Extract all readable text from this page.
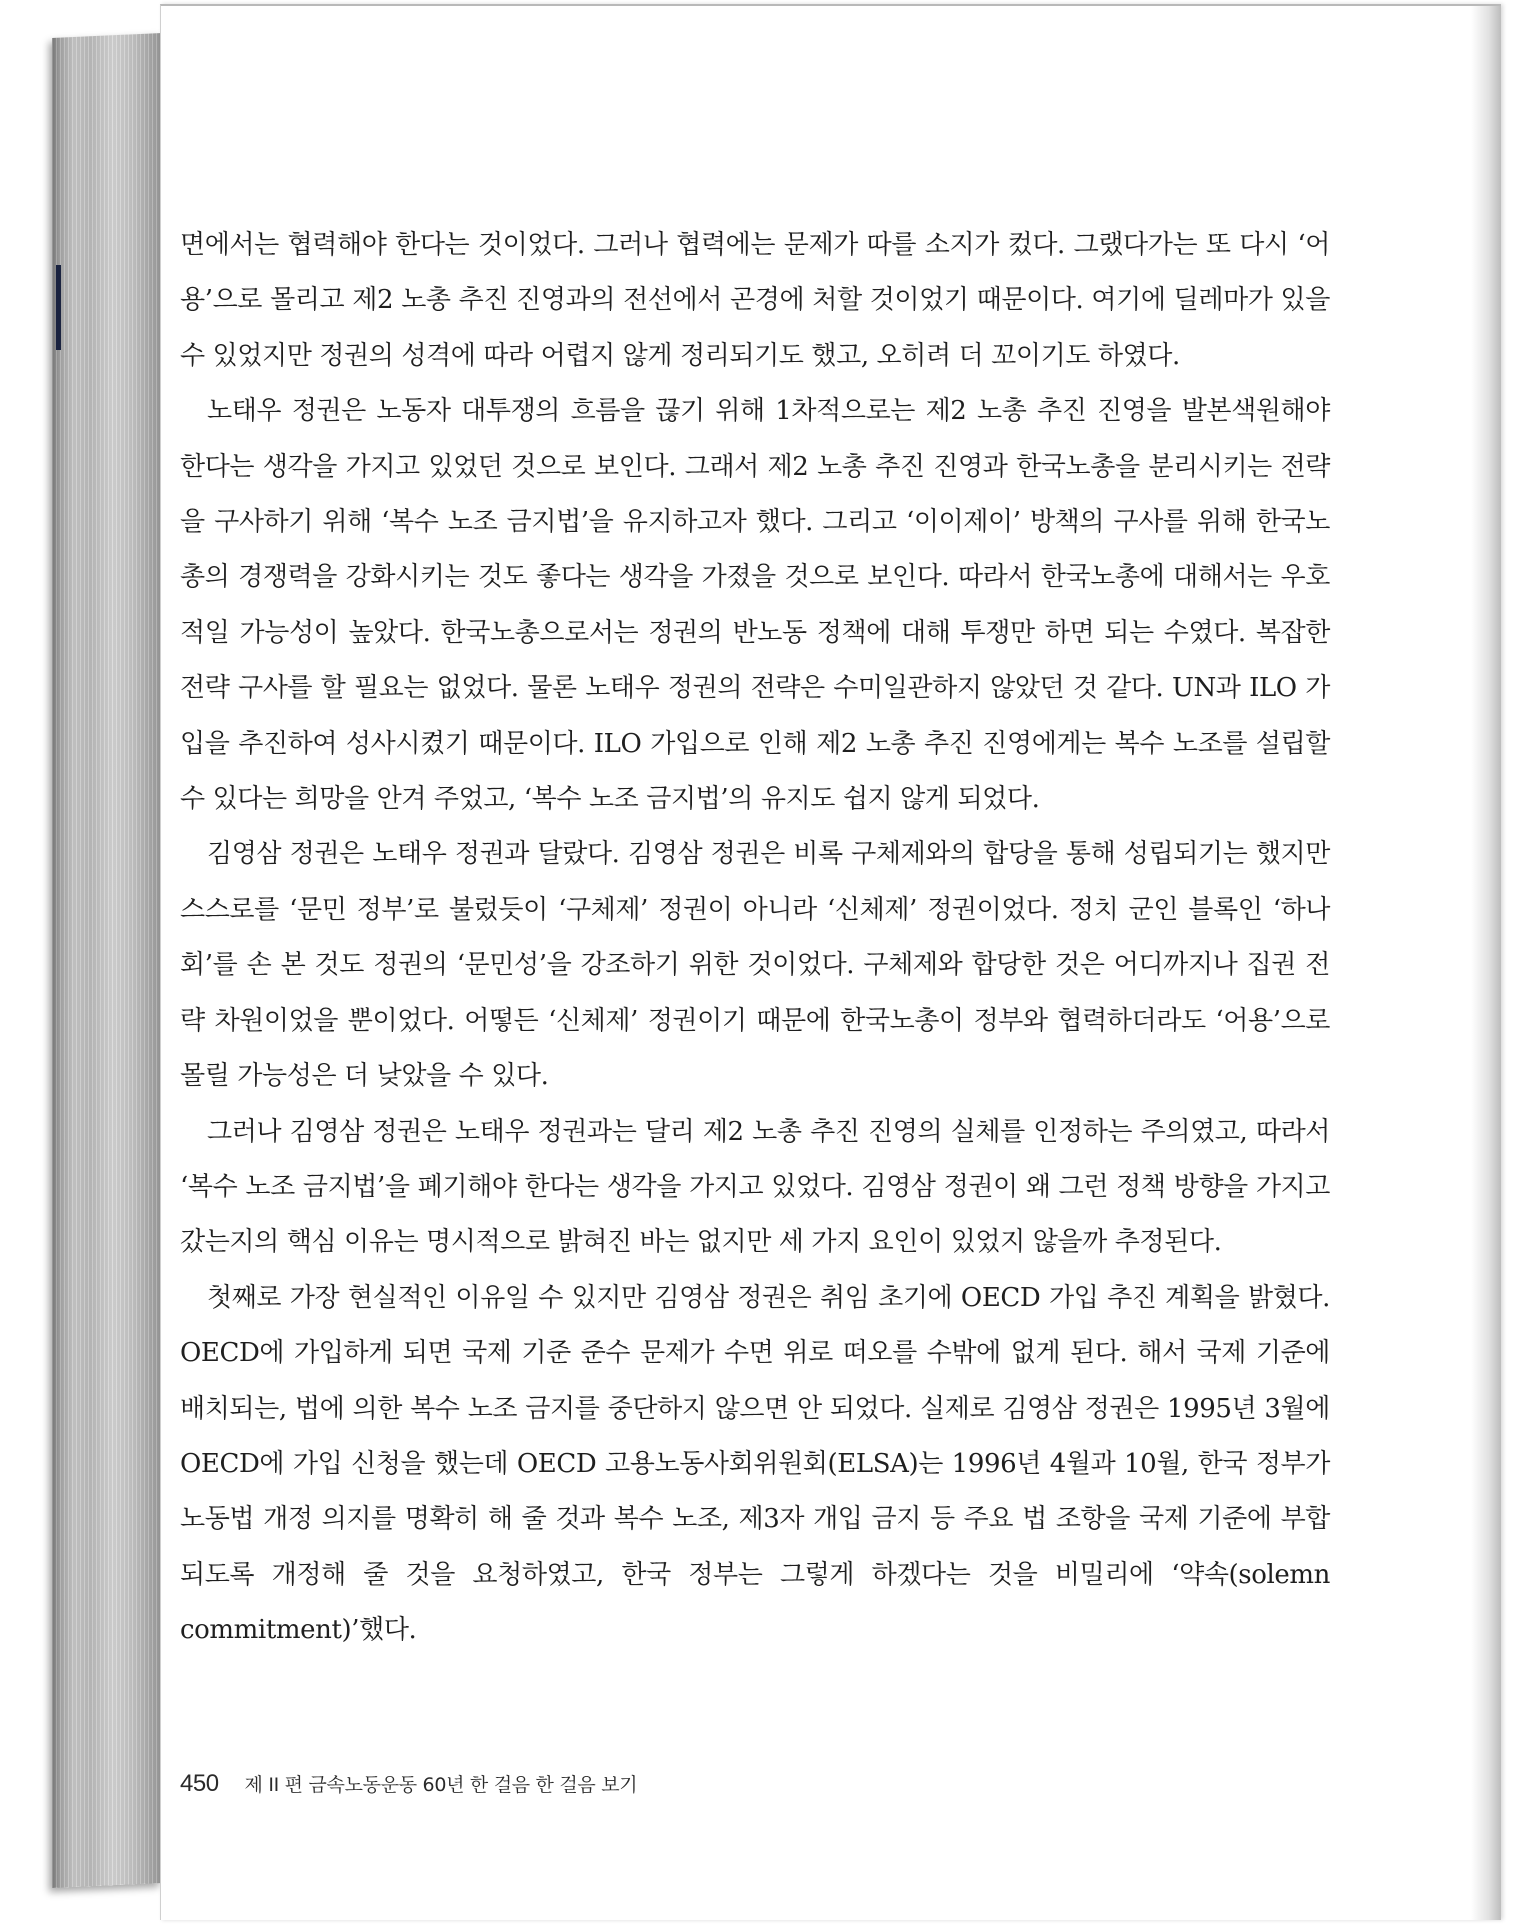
면에서는 협력해야 한다는 것이었다. 그러나 협력에는 문제가 따를 소지가 컸다. 그랬다가는 또 다시 ‘어용’으로 몰리고 제2 노총 추진 진영과의 전선에서 곤경에 처할 것이었기 때문이다. 여기에 딜레마가 있을 수 있었지만 정권의 성격에 따라 어렵지 않게 정리되기도 했고, 오히려 더 꼬이기도 하였다.

노태우 정권은 노동자 대투쟁의 흐름을 끊기 위해 1차적으로는 제2 노총 추진 진영을 발본색원해야 한다는 생각을 가지고 있었던 것으로 보인다. 그래서 제2 노총 추진 진영과 한국노총을 분리시키는 전략을 구사하기 위해 ‘복수 노조 금지법’을 유지하고자 했다. 그리고 ‘이이제이’ 방책의 구사를 위해 한국노총의 경쟁력을 강화시키는 것도 좋다는 생각을 가졌을 것으로 보인다. 따라서 한국노총에 대해서는 우호적일 가능성이 높았다. 한국노총으로서는 정권의 반노동 정책에 대해 투쟁만 하면 되는 수였다. 복잡한 전략 구사를 할 필요는 없었다. 물론 노태우 정권의 전략은 수미일관하지 않았던 것 같다. UN과 ILO 가입을 추진하여 성사시켰기 때문이다. ILO 가입으로 인해 제2 노총 추진 진영에게는 복수 노조를 설립할 수 있다는 희망을 안겨 주었고, ‘복수 노조 금지법’의 유지도 쉽지 않게 되었다.

김영삼 정권은 노태우 정권과 달랐다. 김영삼 정권은 비록 구체제와의 합당을 통해 성립되기는 했지만 스스로를 ‘문민 정부’로 불렀듯이 ‘구체제’ 정권이 아니라 ‘신체제’ 정권이었다. 정치 군인 블록인 ‘하나회’를 손 본 것도 정권의 ‘문민성’을 강조하기 위한 것이었다. 구체제와 합당한 것은 어디까지나 집권 전략 차원이었을 뿐이었다. 어떻든 ‘신체제’ 정권이기 때문에 한국노총이 정부와 협력하더라도 ‘어용’으로 몰릴 가능성은 더 낮았을 수 있다.

그러나 김영삼 정권은 노태우 정권과는 달리 제2 노총 추진 진영의 실체를 인정하는 주의였고, 따라서 ‘복수 노조 금지법’을 폐기해야 한다는 생각을 가지고 있었다. 김영삼 정권이 왜 그런 정책 방향을 가지고 갔는지의 핵심 이유는 명시적으로 밝혀진 바는 없지만 세 가지 요인이 있었지 않을까 추정된다.

첫째로 가장 현실적인 이유일 수 있지만 김영삼 정권은 취임 초기에 OECD 가입 추진 계획을 밝혔다. OECD에 가입하게 되면 국제 기준 준수 문제가 수면 위로 떠오를 수밖에 없게 된다. 해서 국제 기준에 배치되는, 법에 의한 복수 노조 금지를 중단하지 않으면 안 되었다. 실제로 김영삼 정권은 1995년 3월에 OECD에 가입 신청을 했는데 OECD 고용노동사회위원회(ELSA)는 1996년 4월과 10월, 한국 정부가 노동법 개정 의지를 명확히 해 줄 것과 복수 노조, 제3자 개입 금지 등 주요 법 조항을 국제 기준에 부합되도록 개정해 줄 것을 요청하였고, 한국 정부는 그렇게 하겠다는 것을 비밀리에 ‘약속(solemn commitment)’했다.

450 제 II 편 금속노동운동 60년 한 걸음 한 걸음 보기
